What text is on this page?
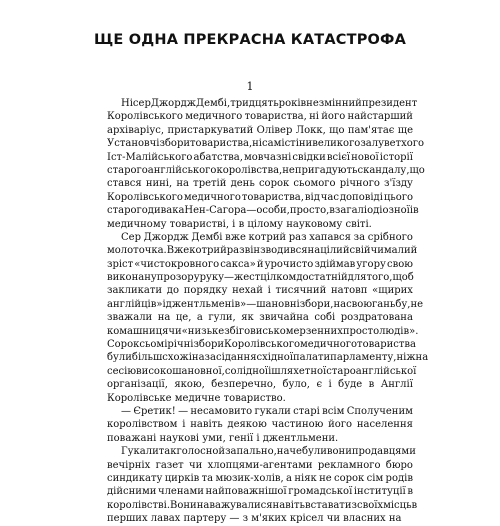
ЩЕ ОДНА ПРЕКРАСНА КАТАСТРОФА
1
Ні сер Джордж Дембі, тридцять років незмінний президент
Королівського медичного товариства, ні його найстарший
архіваріус, пристаркуватий Олівер Локк, що пам'ятає ще
Установчі збори товариства, ні самі стіни великого залу ветхого
Іст-Малійського абатства, мовчазні свідки всієї нової історії
старого англійського королівства, не пригадують скандалу, що
стався нині, на третій день сорок сьомого річного з'їзду
Королівського медичного товариства, від час доповіді цього
старого дивака Нен-Сагора — особи, просто, взагалі одіозної і в
медичному товаристві, і в цілому науковому світі.
Сер Джордж Дембі вже котрий раз хапався за срібного
молоточка. Вже котрий раз він зводився на цілий свій чималий
зріст «чистокровного сакса» й урочисто здіймав угору свою
виконану прозору руку — жест цілком достатній для того, щоб
закликати до порядку нехай і тисячний натовп «щирих
англійців» і джентльменів» — шановні збори, на свою ганьбу, не
зважали на це, а гули, як звичайна собі роздратована
комашниця чи «низьке збіговисько мерзенних простолюдів».
Сорок сьомі річні збори Королівського медичного товариства
були більш схожі на засідання східної палати парламенту, ніж на
сесію високошановної, солідної і шляхетної староанглійської
організації, якою, безперечно, було, є і буде в Англії
Королівське медичне товариство.
— Єретик! — несамовито гукали старі всім Сполученим
королівством і навіть деякою частиною його населення
поважані наукові уми, генії і джентльмени.
Гукали так голосно й запально, наче були вони продавцями
вечірніх газет чи хлопцями-агентами рекламного бюро
синдикату цирків та мюзик-холів, а ніяк не сорок сім родів
дійсними членами найповажнішої громадської інституції в
королівстві. Вони наважувалися навіть вставати з своїх місць в
перших лавах партеру — з м'яких крісел чи власних на
